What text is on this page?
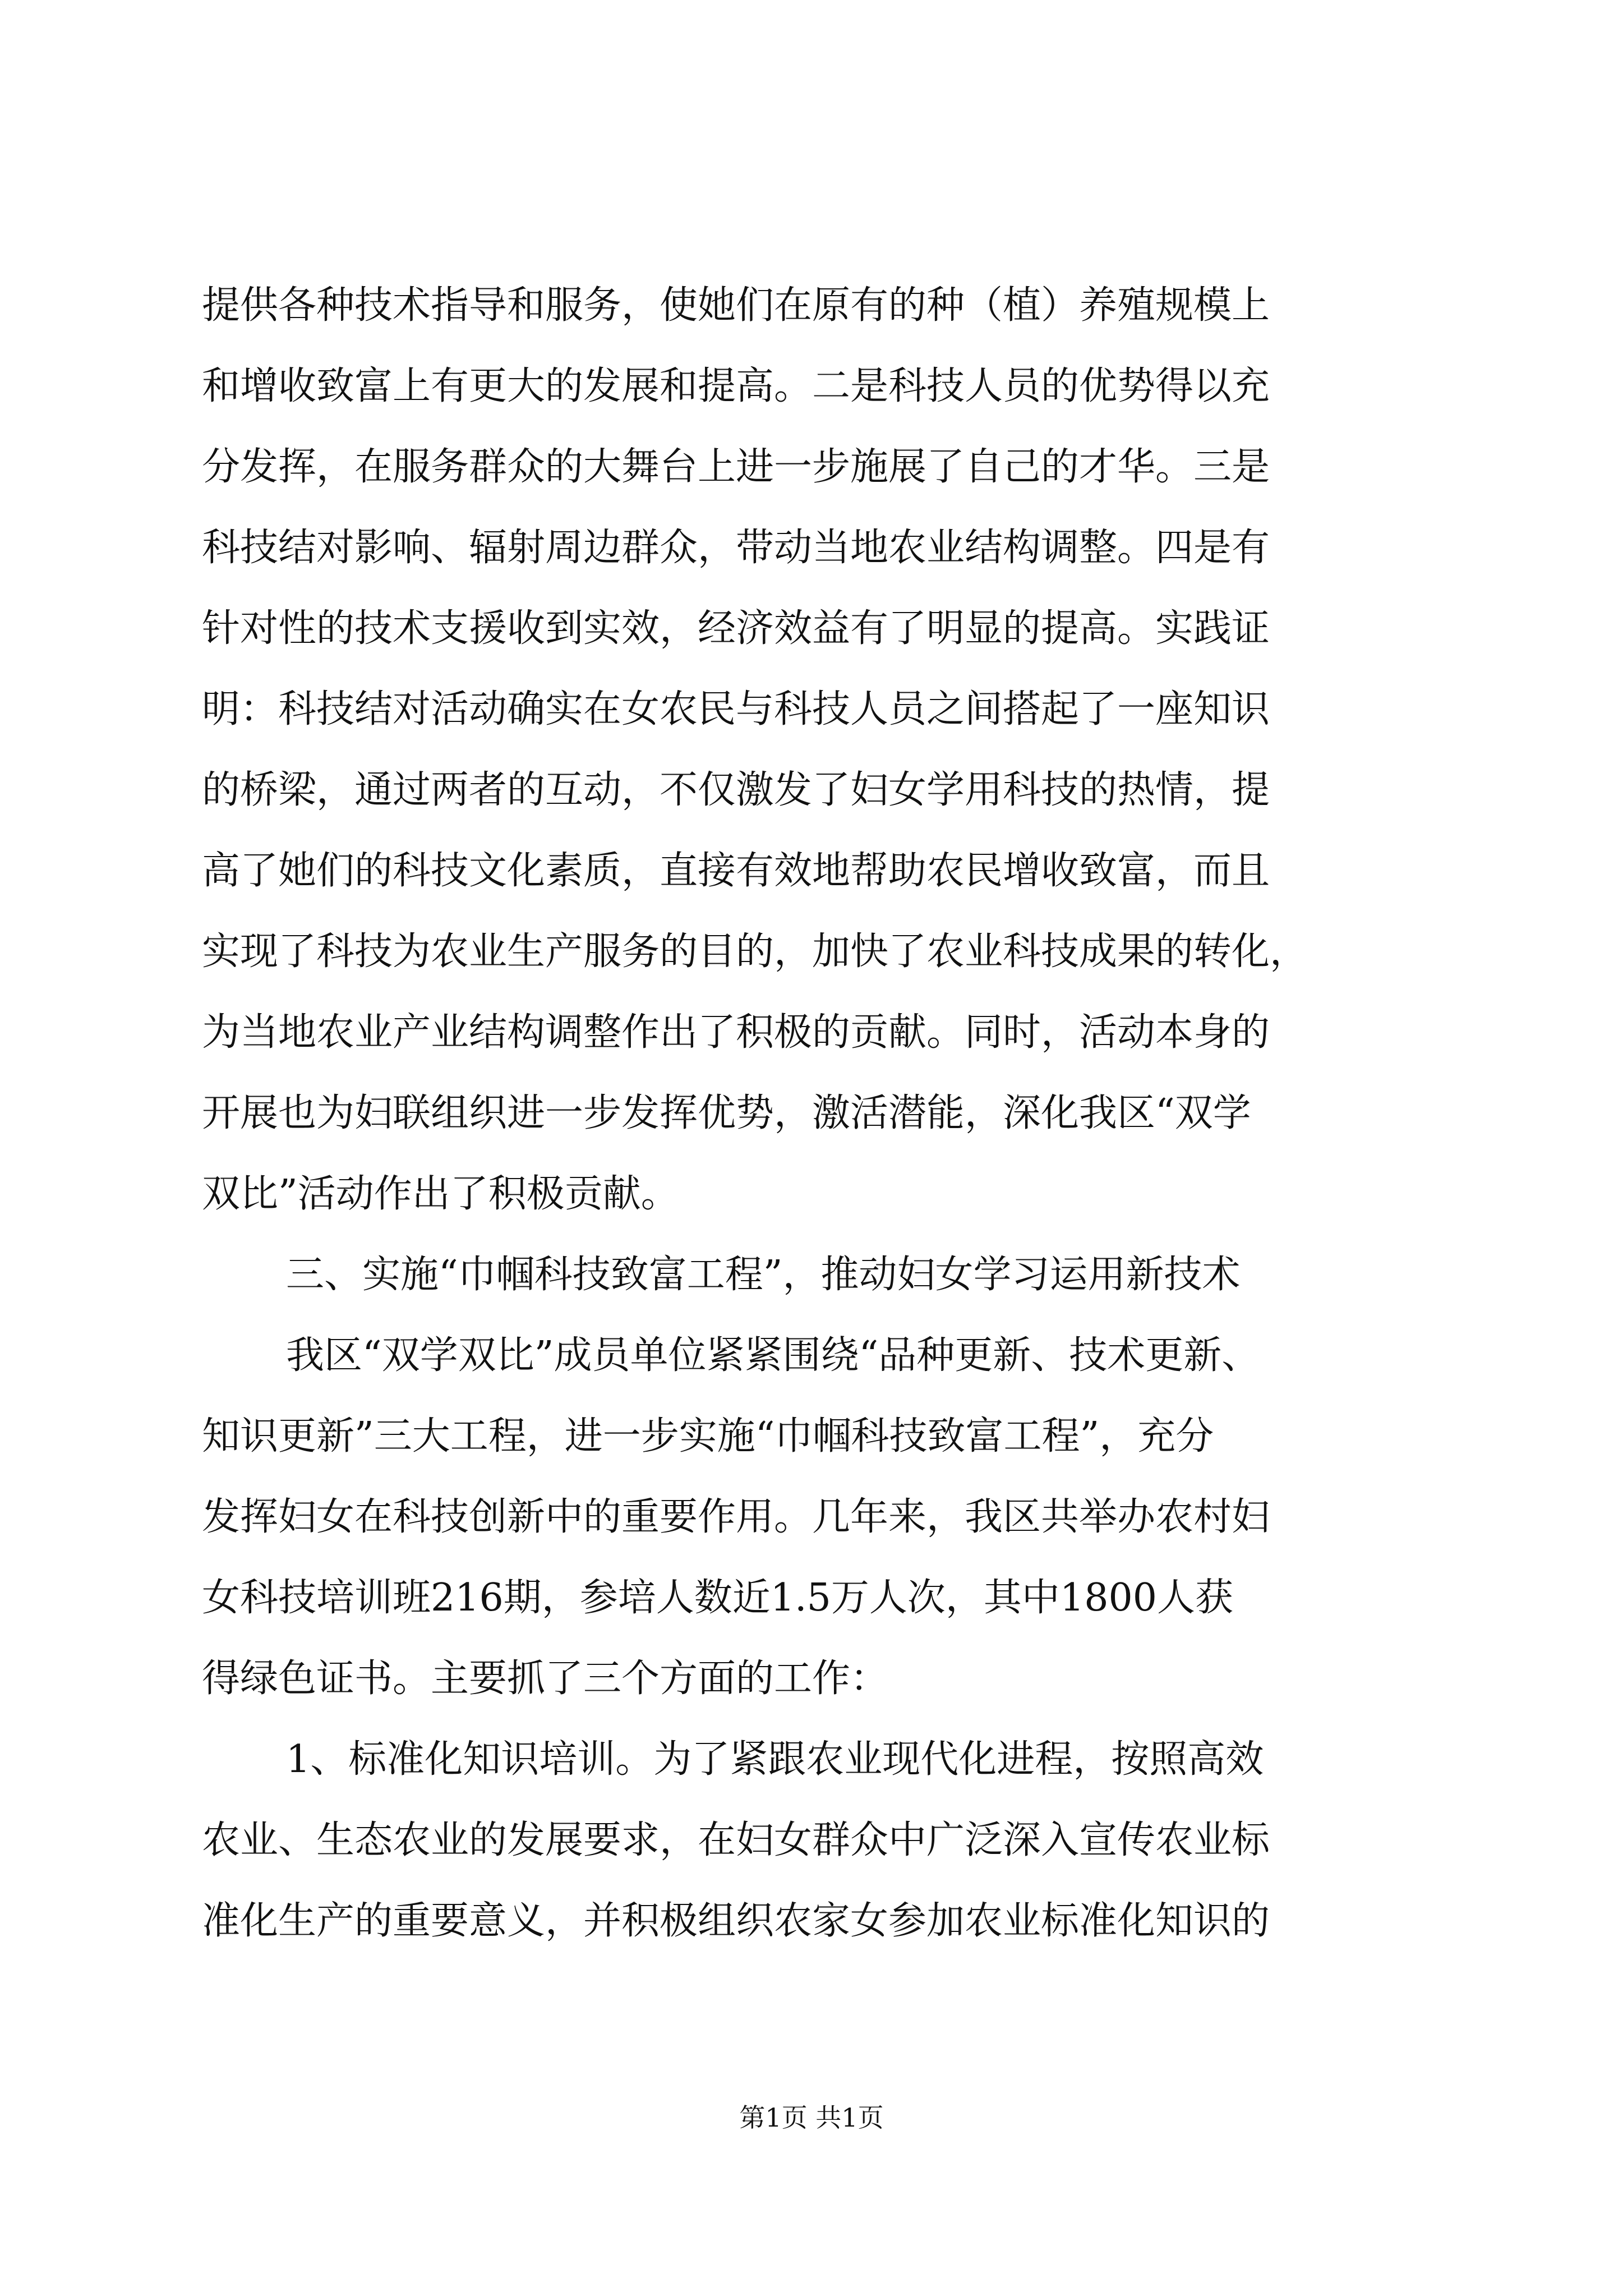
提供各种技术指导和服务，使她们在原有的种（植）养殖规模上
和增收致富上有更大的发展和提高。二是科技人员的优势得以充
分发挥，在服务群众的大舞台上进一步施展了自己的才华。三是
科技结对影响、辐射周边群众，带动当地农业结构调整。四是有
针对性的技术支援收到实效，经济效益有了明显的提高。实践证
明：科技结对活动确实在女农民与科技人员之间搭起了一座知识
的桥梁，通过两者的互动，不仅激发了妇女学用科技的热情，提
高了她们的科技文化素质，直接有效地帮助农民增收致富，而且
实现了科技为农业生产服务的目的，加快了农业科技成果的转化，
为当地农业产业结构调整作出了积极的贡献。同时，活动本身的
开展也为妇联组织进一步发挥优势，激活潜能，深化我区“双学
双比”活动作出了积极贡献。
三、实施“巾帼科技致富工程”，推动妇女学习运用新技术
我区“双学双比”成员单位紧紧围绕“品种更新、技术更新、
知识更新”三大工程，进一步实施“巾帼科技致富工程”，充分
发挥妇女在科技创新中的重要作用。几年来，我区共举办农村妇
女科技培训班216期，参培人数近1.5万人次，其中1800人获
得绿色证书。主要抓了三个方面的工作：
1、标准化知识培训。为了紧跟农业现代化进程，按照高效
农业、生态农业的发展要求，在妇女群众中广泛深入宣传农业标
准化生产的重要意义，并积极组织农家女参加农业标准化知识的
第1页 共1页
